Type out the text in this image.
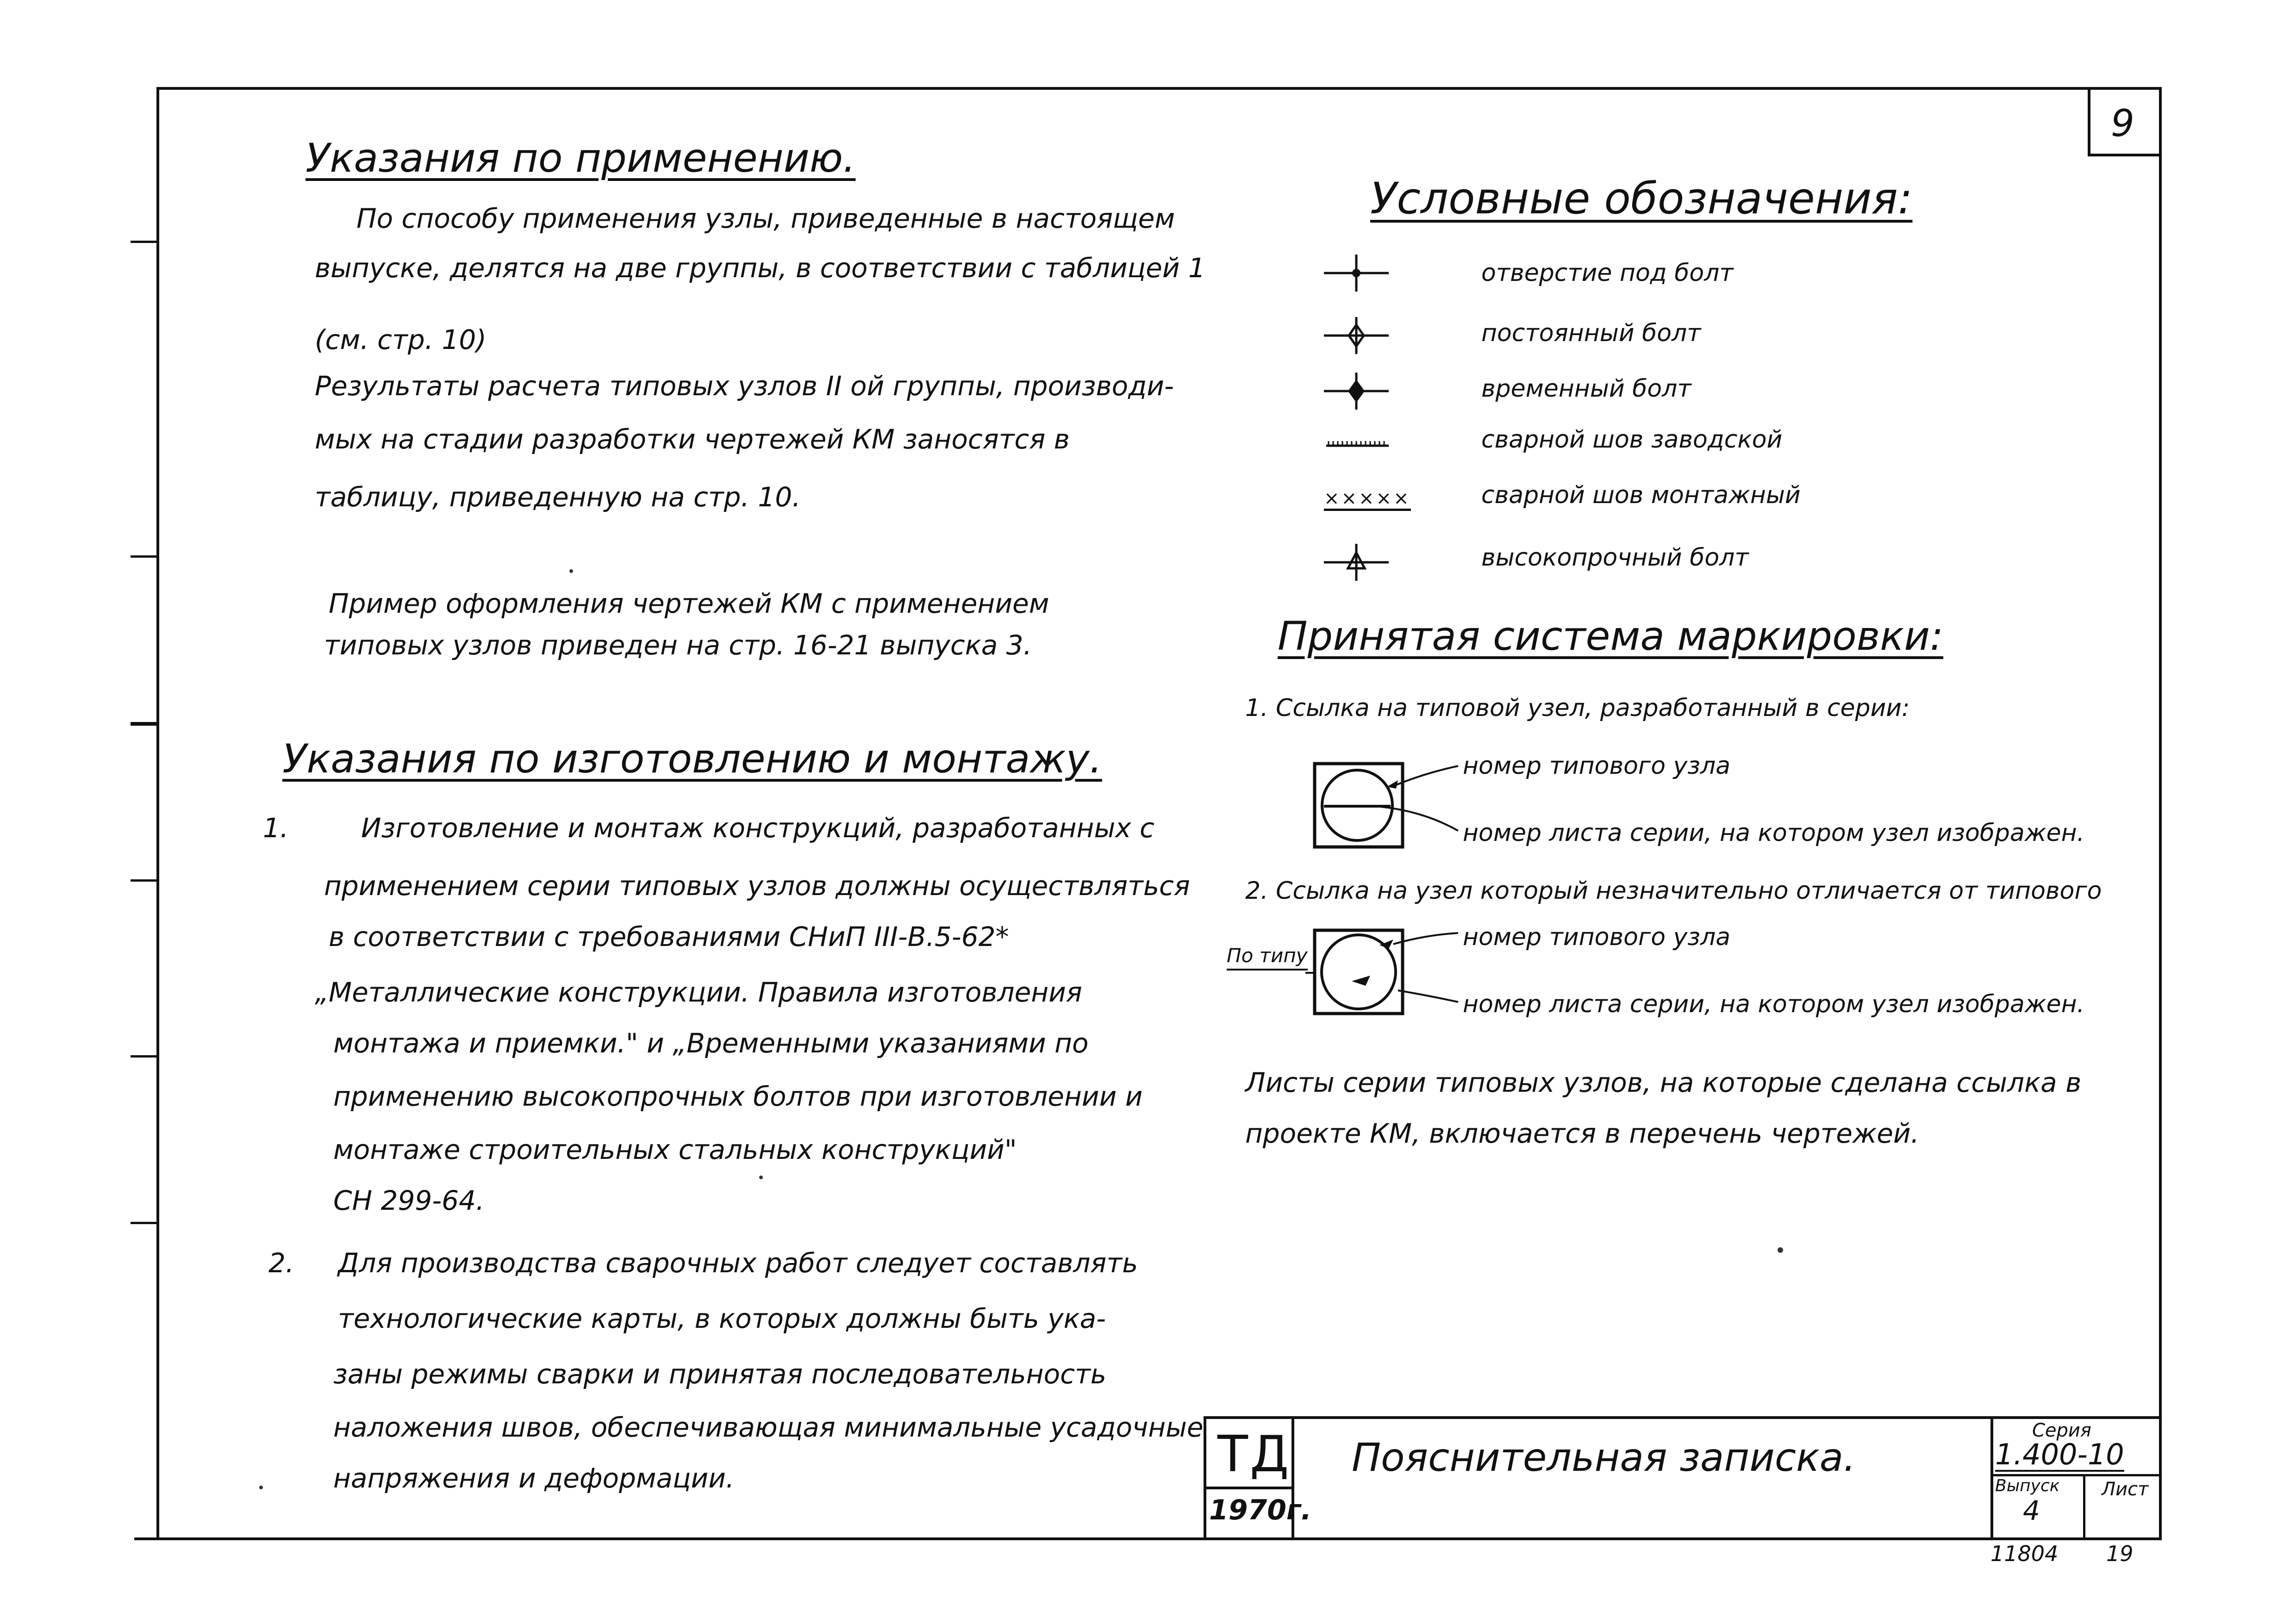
9
Указания по применению.
По способу применения узлы, приведенные в настоящем
выпуске, делятся на две группы, в соответствии с таблицей 1
(см. стр. 10)
Результаты расчета типовых узлов II ой группы, производи-
мых на стадии разработки чертежей КМ заносятся в
таблицу, приведенную на стр. 10.
Пример оформления чертежей КМ с применением
типовых узлов приведен на стр. 16-21 выпуска 3.
Указания по изготовлению и монтажу.
1.	Изготовление и монтаж конструкций, разработанных с
применением серии типовых узлов должны осуществляться
в соответствии с требованиями СНиП III-В.5-62*
„Металлические конструкции. Правила изготовления
монтажа и приемки." и „Временными указаниями по
применению высокопрочных болтов при изготовлении и
монтаже строительных стальных конструкций"
СН 299-64.
2. Для производства сварочных работ следует составлять
технологические карты, в которых должны быть ука-
заны режимы сварки и принятая последовательность
наложения швов, обеспечивающая минимальные усадочные
напряжения и деформации.
Условные обозначения:
×××××
отверстие под болт
постоянный болт
временный болт
сварной шов заводской
сварной шов монтажный
высокопрочный болт
Принятая система маркировки:
1. Ссылка на типовой узел, разработанный в серии:
номер типового узла
номер листа серии, на котором узел изображен.
2. Ссылка на узел который незначительно отличается от типового
По типу
номер типового узла
номер листа серии, на котором узел изображен.
Листы серии типовых узлов, на которые сделана ссылка в
проекте КМ, включается в перечень чертежей.
ТД
1970г.
Пояснительная записка.
Серия
1.400-10
Выпуск
4
Лист
11804 19
